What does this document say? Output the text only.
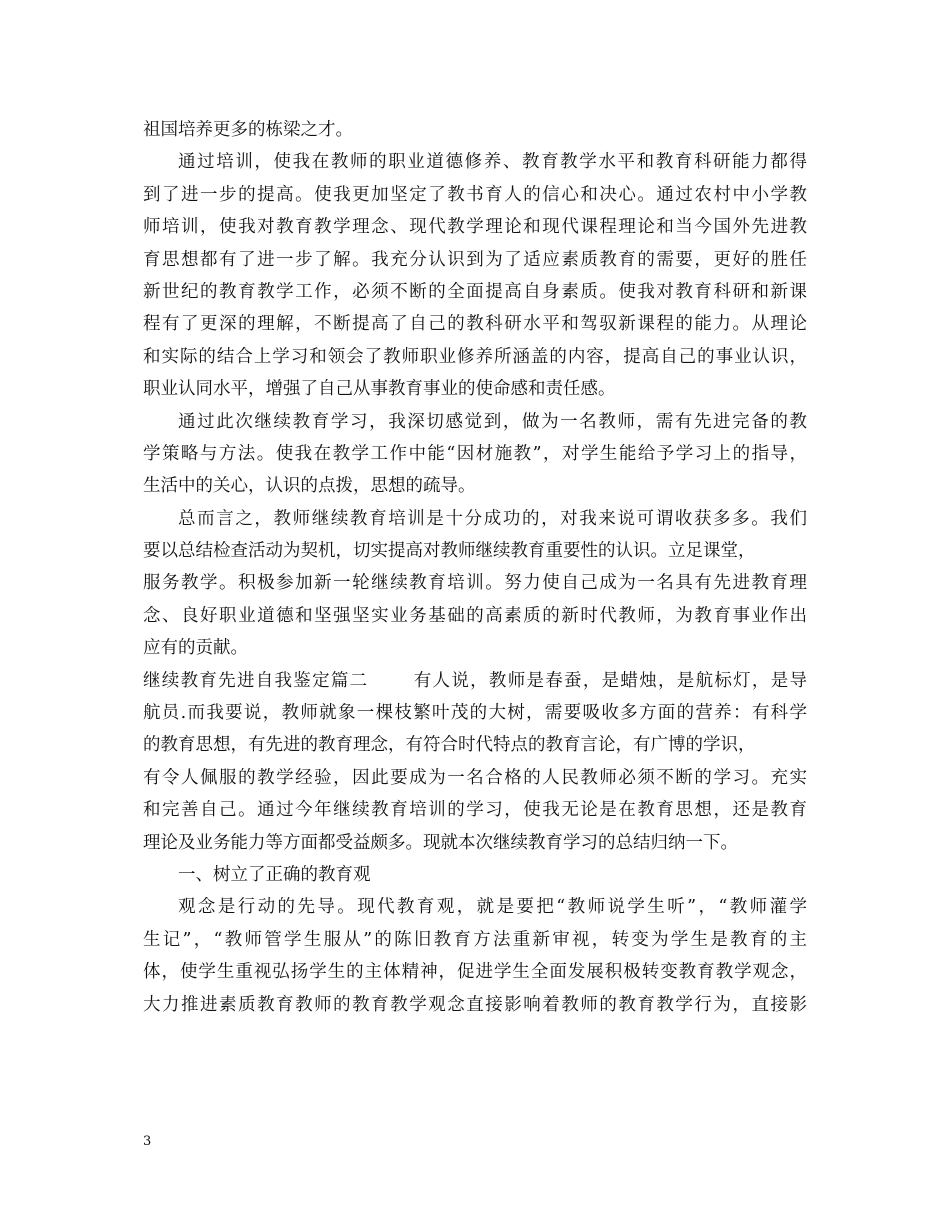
祖国培养更多的栋梁之才。
通过培训，使我在教师的职业道德修养、教育教学水平和教育科研能力都得
到了进一步的提高。使我更加坚定了教书育人的信心和决心。通过农村中小学教
师培训，使我对教育教学理念、现代教学理论和现代课程理论和当今国外先进教
育思想都有了进一步了解。我充分认识到为了适应素质教育的需要，更好的胜任
新世纪的教育教学工作，必须不断的全面提高自身素质。使我对教育科研和新课
程有了更深的理解，不断提高了自己的教科研水平和驾驭新课程的能力。从理论
和实际的结合上学习和领会了教师职业修养所涵盖的内容，提高自己的事业认识，
职业认同水平，增强了自己从事教育事业的使命感和责任感。
通过此次继续教育学习，我深切感觉到，做为一名教师，需有先进完备的教
学策略与方法。使我在教学工作中能“因材施教”，对学生能给予学习上的指导，
生活中的关心，认识的点拨，思想的疏导。
总而言之，教师继续教育培训是十分成功的，对我来说可谓收获多多。我们
要以总结检查活动为契机，切实提高对教师继续教育重要性的认识。立足课堂，
服务教学。积极参加新一轮继续教育培训。努力使自己成为一名具有先进教育理
念、良好职业道德和坚强坚实业务基础的高素质的新时代教师，为教育事业作出
应有的贡献。
继续教育先进自我鉴定篇二	有人说，教师是春蚕，是蜡烛，是航标灯，是导
航员.而我要说，教师就象一棵枝繁叶茂的大树，需要吸收多方面的营养：有科学
的教育思想，有先进的教育理念，有符合时代特点的教育言论，有广博的学识，
有令人佩服的教学经验，因此要成为一名合格的人民教师必须不断的学习。充实
和完善自己。通过今年继续教育培训的学习，使我无论是在教育思想，还是教育
理论及业务能力等方面都受益颇多。现就本次继续教育学习的总结归纳一下。
一、树立了正确的教育观
观念是行动的先导。现代教育观，就是要把“教师说学生听”，“教师灌学
生记”，“教师管学生服从”的陈旧教育方法重新审视，转变为学生是教育的主
体，使学生重视弘扬学生的主体精神，促进学生全面发展积极转变教育教学观念，
大力推进素质教育教师的教育教学观念直接影响着教师的教育教学行为，直接影
3
